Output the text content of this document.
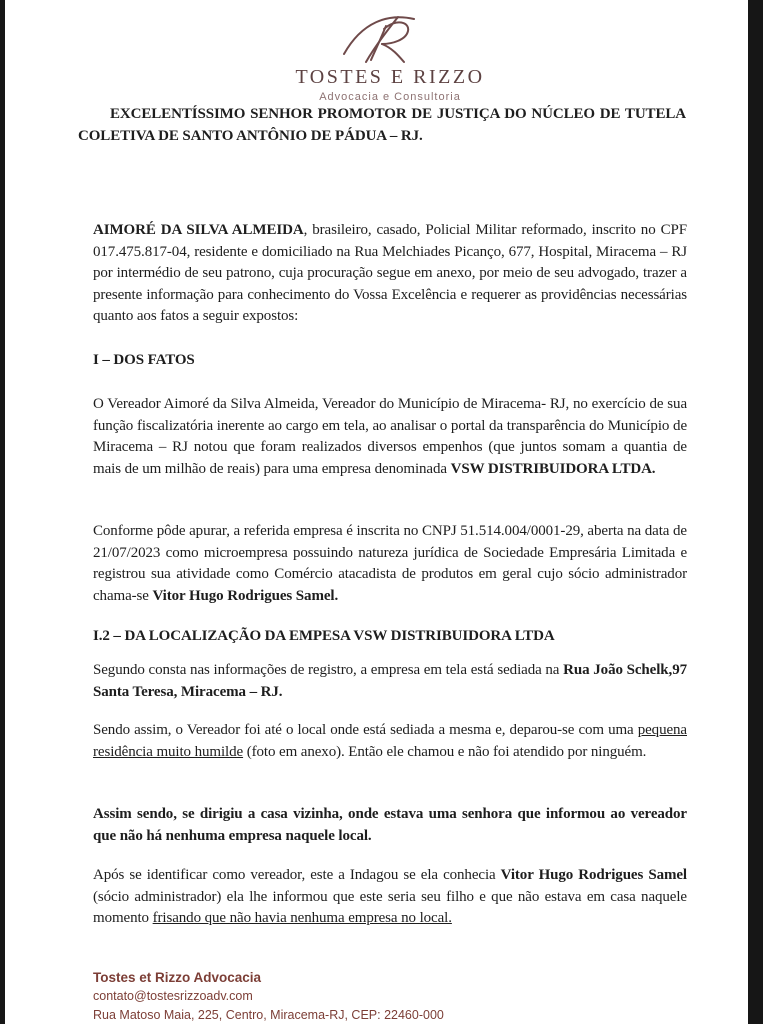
TOSTES E RIZZO
Advocacia e Consultoria

EXCELENTÍSSIMO SENHOR PROMOTOR DE JUSTIÇA DO NÚCLEO DE TUTELA COLETIVA DE SANTO ANTÔNIO DE PÁDUA – RJ.

AIMORÉ DA SILVA ALMEIDA, brasileiro, casado, Policial Militar reformado, inscrito no CPF 017.475.817-04, residente e domiciliado na Rua Melchiades Picanço, 677, Hospital, Miracema – RJ por intermédio de seu patrono, cuja procuração segue em anexo, por meio de seu advogado, trazer a presente informação para conhecimento do Vossa Excelência e requerer as providências necessárias quanto aos fatos a seguir expostos:

I – DOS FATOS

O Vereador Aimoré da Silva Almeida, Vereador do Município de Miracema- RJ, no exercício de sua função fiscalizatória inerente ao cargo em tela, ao analisar o portal da transparência do Município de Miracema – RJ notou que foram realizados diversos empenhos (que juntos somam a quantia de mais de um milhão de reais) para uma empresa denominada VSW DISTRIBUIDORA LTDA.

Conforme pôde apurar, a referida empresa é inscrita no CNPJ 51.514.004/0001-29, aberta na data de 21/07/2023 como microempresa possuindo natureza jurídica de Sociedade Empresária Limitada e registrou sua atividade como Comércio atacadista de produtos em geral cujo sócio administrador chama-se Vitor Hugo Rodrigues Samel.

I.2 – DA LOCALIZAÇÃO DA EMPESA VSW DISTRIBUIDORA LTDA

Segundo consta nas informações de registro, a empresa em tela está sediada na Rua João Schelk,97 Santa Teresa, Miracema – RJ.

Sendo assim, o Vereador foi até o local onde está sediada a mesma e, deparou-se com uma pequena residência muito humilde (foto em anexo). Então ele chamou e não foi atendido por ninguém.

Assim sendo, se dirigiu a casa vizinha, onde estava uma senhora que informou ao vereador que não há nenhuma empresa naquele local.

Após se identificar como vereador, este a Indagou se ela conhecia Vitor Hugo Rodrigues Samel (sócio administrador) ela lhe informou que este seria seu filho e que não estava em casa naquele momento frisando que não havia nenhuma empresa no local.

Tostes et Rizzo Advocacia
contato@tostesrizzoadv.com
Rua Matoso Maia, 225, Centro, Miracema-RJ, CEP: 22460-000
